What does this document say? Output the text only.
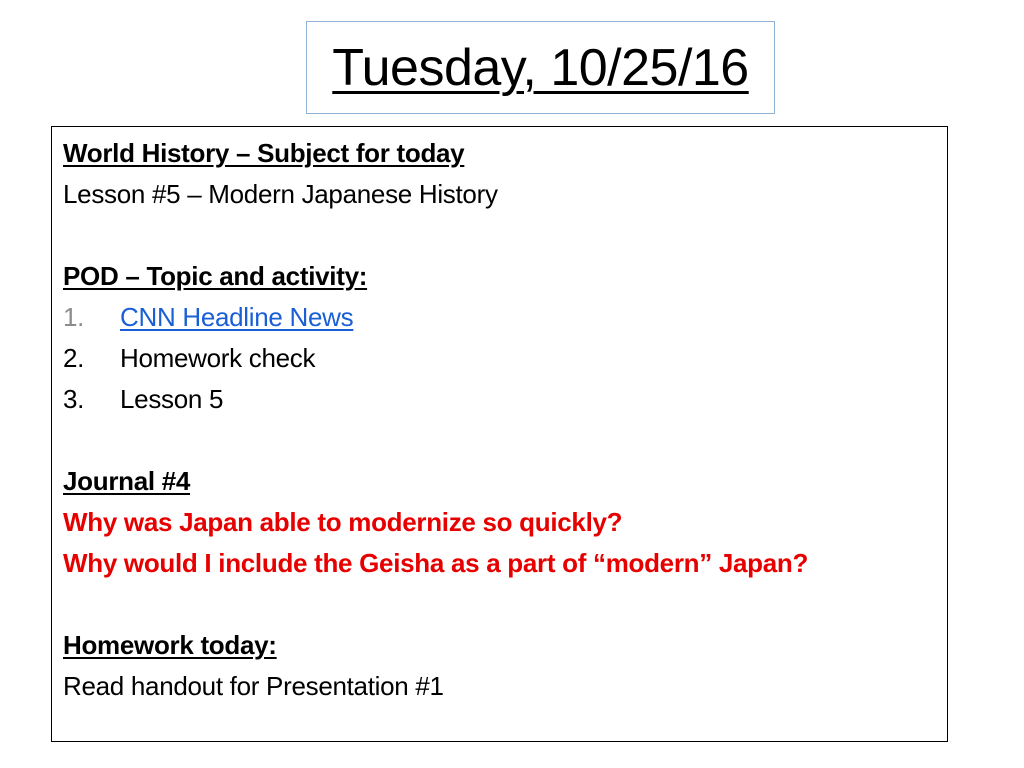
Tuesday, 10/25/16
World History – Subject for today
Lesson #5 – Modern Japanese History
POD – Topic and activity:
1.	CNN Headline News
2.	Homework check
3.	Lesson 5
Journal #4
Why was Japan able to modernize so quickly?
Why would I include the Geisha as a part of “modern” Japan?
Homework today:
Read handout for Presentation #1
